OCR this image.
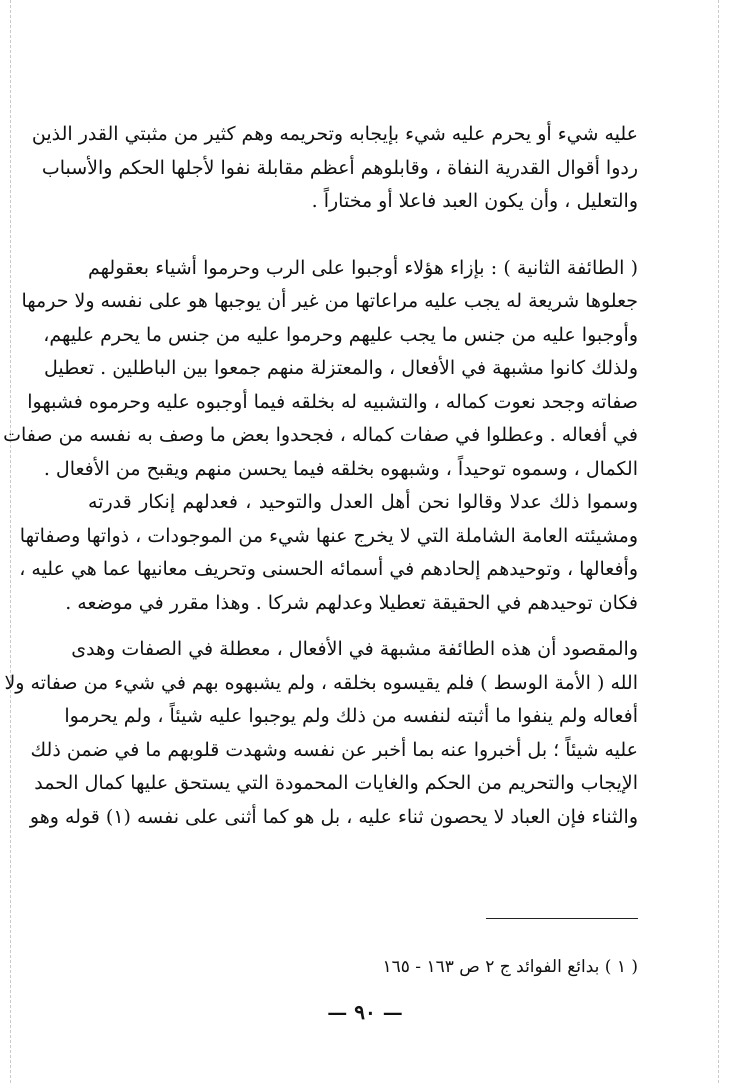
عليه شيء أو يحرم عليه شيء بإيجابه وتحريمه وهم كثير من مثبتي القدر الذين
ردوا أقوال القدرية النفاة ، وقابلوهم أعظم مقابلة نفوا لأجلها الحكم والأسباب
والتعليل ، وأن يكون العبد فاعلا أو مختاراً .
( الطائفة الثانية ) : بإزاء هؤلاء أوجبوا على الرب وحرموا أشياء بعقولهم
جعلوها شريعة له يجب عليه مراعاتها من غير أن يوجبها هو على نفسه ولا حرمها
وأوجبوا عليه من جنس ما يجب عليهم وحرموا عليه من جنس ما يحرم عليهم،
ولذلك كانوا مشبهة في الأفعال ، والمعتزلة منهم جمعوا بين الباطلين . تعطيل
صفاته وجحد نعوت كماله ، والتشبيه له بخلقه فيما أوجبوه عليه وحرموه فشبهوا
في أفعاله . وعطلوا في صفات كماله ، فجحدوا بعض ما وصف به نفسه من صفات
الكمال ، وسموه توحيداً ، وشبهوه بخلقه فيما يحسن منهم ويقبح من الأفعال .
وسموا ذلك عدلا وقالوا نحن أهل العدل والتوحيد ، فعدلهم إنكار قدرته
ومشيئته العامة الشاملة التي لا يخرج عنها شيء من الموجودات ، ذواتها وصفاتها
وأفعالها ، وتوحيدهم إلحادهم في أسمائه الحسنى وتحريف معانيها عما هي عليه ،
فكان توحيدهم في الحقيقة تعطيلا وعدلهم شركا . وهذا مقرر في موضعه .
والمقصود أن هذه الطائفة مشبهة في الأفعال ، معطلة في الصفات وهدى
الله ( الأمة الوسط ) فلم يقيسوه بخلقه ، ولم يشبهوه بهم في شيء من صفاته ولا
أفعاله ولم ينفوا ما أثبته لنفسه من ذلك ولم يوجبوا عليه شيئاً ، ولم يحرموا
عليه شيئاً ؛ بل أخبروا عنه بما أخبر عن نفسه وشهدت قلوبهم ما في ضمن ذلك
الإيجاب والتحريم من الحكم والغايات المحمودة التي يستحق عليها كمال الحمد
والثناء فإن العباد لا يحصون ثناء عليه ، بل هو كما أثنى على نفسه (١) قوله وهو
( ١ ) بدائع الفوائد ج ٢ ص ١٦٣ - ١٦٥
— ٩٠ —
